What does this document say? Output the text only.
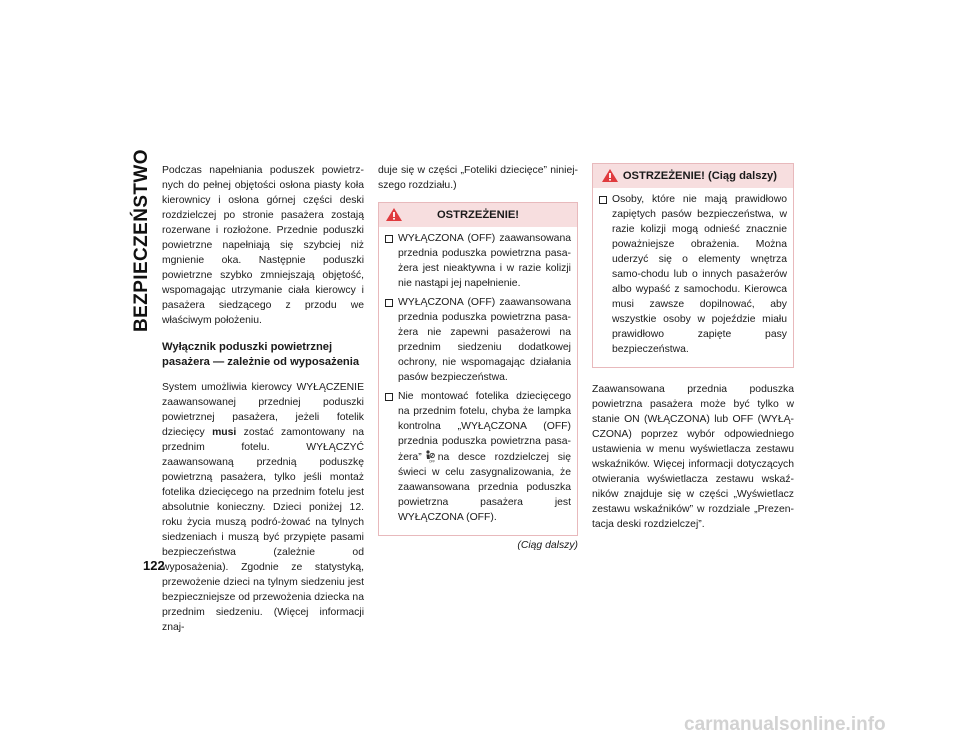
BEZPIECZEŃSTWO
122

Podczas napełniania poduszek powietrz-nych do pełnej objętości osłona piasty koła kierownicy i osłona górnej części deski rozdzielczej po stronie pasażera zostają rozerwane i rozłożone. Przednie poduszki powietrzne napełniają się szybciej niż mgnienie oka. Następnie poduszki powietrzne szybko zmniejszają objętość, wspomagając utrzymanie ciała kierowcy i pasażera siedzącego z przodu we właściwym położeniu.

Wyłącznik poduszki powietrznej pasażera — zależnie od wyposażenia

System umożliwia kierowcy WYŁĄCZENIE zaawansowanej przedniej poduszki powietrznej pasażera, jeżeli fotelik dziecięcy musi zostać zamontowany na przednim fotelu. WYŁĄCZYĆ zaawansowaną przednią poduszkę powietrzną pasażera, tylko jeśli montaż fotelika dziecięcego na przednim fotelu jest absolutnie konieczny. Dzieci poniżej 12. roku życia muszą podró-żować na tylnych siedzeniach i muszą być przypięte pasami bezpieczeństwa (zależnie od wyposażenia). Zgodnie ze statystyką, przewożenie dzieci na tylnym siedzeniu jest bezpieczniejsze od przewożenia dziecka na przednim siedzeniu. (Więcej informacji znaj-

duje się w części „Foteliki dziecięce” niniej-szego rozdziału.)

OSTRZEŻENIE!
WYŁĄCZONA (OFF) zaawansowana przednia poduszka powietrzna pasa-żera jest nieaktywna i w razie kolizji nie nastąpi jej napełnienie.
WYŁĄCZONA (OFF) zaawansowana przednia poduszka powietrzna pasa-żera nie zapewni pasażerowi na przednim siedzeniu dodatkowej ochrony, nie wspomagając działania pasów bezpieczeństwa.
Nie montować fotelika dziecięcego na przednim fotelu, chyba że lampka kontrolna „WYŁĄCZONA (OFF) przednia poduszka powietrzna pasa-żera” OFF na desce rozdzielczej się świeci w celu zasygnalizowania, że zaawansowana przednia poduszka powietrzna pasażera jest WYŁĄCZONA (OFF).
(Ciąg dalszy)
OSTRZEŻENIE! (Ciąg dalszy)
Osoby, które nie mają prawidłowo zapiętych pasów bezpieczeństwa, w razie kolizji mogą odnieść znacznie poważniejsze obrażenia. Można uderzyć się o elementy wnętrza samo-chodu lub o innych pasażerów albo wypaść z samochodu. Kierowca musi zawsze dopilnować, aby wszystkie osoby w pojeździe miału prawidłowo zapięte pasy bezpieczeństwa.

Zaawansowana przednia poduszka powietrzna pasażera może być tylko w stanie ON (WŁĄCZONA) lub OFF (WYŁĄ-CZONA) poprzez wybór odpowiedniego ustawienia w menu wyświetlacza zestawu wskaźników. Więcej informacji dotyczących otwierania wyświetlacza zestawu wskaź-ników znajduje się w części „Wyświetlacz zestawu wskaźników” w rozdziale „Prezen-tacja deski rozdzielczej”.

carmanualsonline.info
